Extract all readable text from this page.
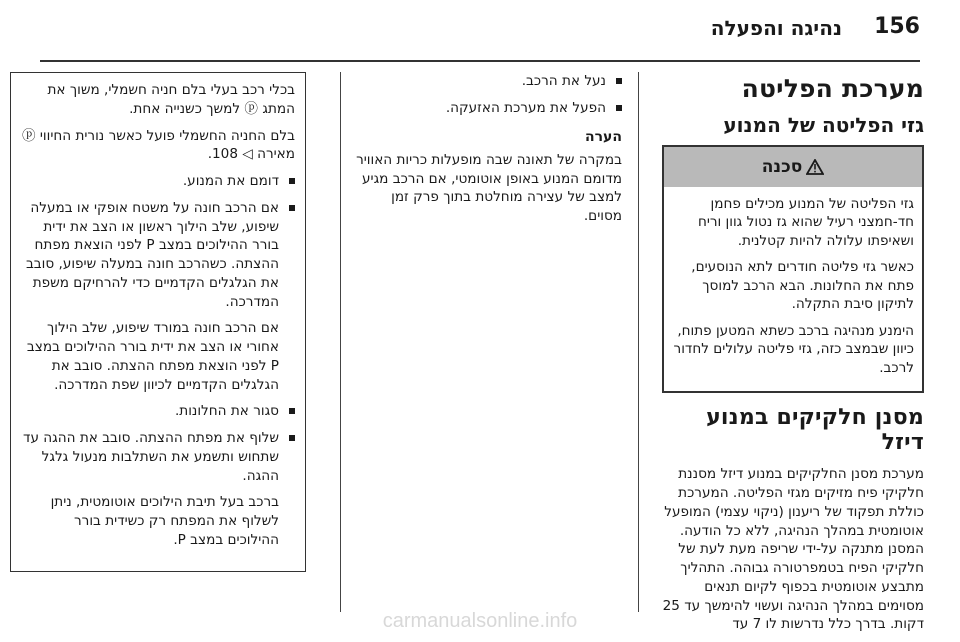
156
נהיגה והפעלה
מערכת הפליטה
גזי הפליטה של המנוע
סכנה

גזי הפליטה של המנוע מכילים פחמן חד-חמצני רעיל שהוא גז נטול גוון וריח ושאיפתו עלולה להיות קטלנית.

כאשר גזי פליטה חודרים לתא הנוסעים, פתח את החלונות. הבא הרכב למוסך לתיקון סיבת התקלה.

הימנע מנהיגה ברכב כשתא המטען פתוח, כיוון שבמצב כזה, גזי פליטה עלולים לחדור לרכב.

מסנן חלקיקים במנוע דיזל

מערכת מסנן החלקיקים במנוע דיזל מסננת חלקיקי פיח מזיקים מגזי הפליטה. המערכת כוללת תפקוד של ריענון (ניקוי עצמי) המופעל אוטומטית במהלך הנהיגה, ללא כל הודעה. המסנן מתנקה על-ידי שריפה מעת לעת של חלקיקי הפיח בטמפרטורה גבוהה. התהליך מתבצע אוטומטית בכפוף לקיום תנאים מסוימים במהלך הנהיגה ועשוי להימשך עד 25 דקות. בדרך כלל נדרשות לו 7 עד

נעל את הרכב.
הפעל את מערכת האזעקה.
הערה
במקרה של תאונה שבה מופעלות כריות האוויר מדומם המנוע באופן אוטומטי, אם הרכב מגיע למצב של עצירה מוחלטת בתוך פרק זמן מסוים.

בכלי רכב בעלי בלם חניה חשמלי, משוך את המתג ⓟ למשך כשנייה אחת.

בלם החניה החשמלי פועל כאשר נורית החיווי ⓟ מאירה ◁ 108.

דומם את המנוע.
אם הרכב חונה על משטח אופקי או במעלה שיפוע, שלב הילוך ראשון או הצב את ידית בורר ההילוכים במצב P לפני הוצאת מפתח ההצתה. כשהרכב חונה במעלה שיפוע, סובב את הגלגלים הקדמיים כדי להרחיקם משפת המדרכה.

אם הרכב חונה במורד שיפוע, שלב הילוך אחורי או הצב את ידית בורר ההילוכים במצב P לפני הוצאת מפתח ההצתה. סובב את הגלגלים הקדמיים לכיוון שפת המדרכה.

סגור את החלונות.
שלוף את מפתח ההצתה. סובב את ההגה עד שתחוש ותשמע את השתלבות מנעול גלגל ההגה.

ברכב בעל תיבת הילוכים אוטומטית, ניתן לשלוף את המפתח רק כשידית בורר ההילוכים במצב P.

carmanualsonline.info
